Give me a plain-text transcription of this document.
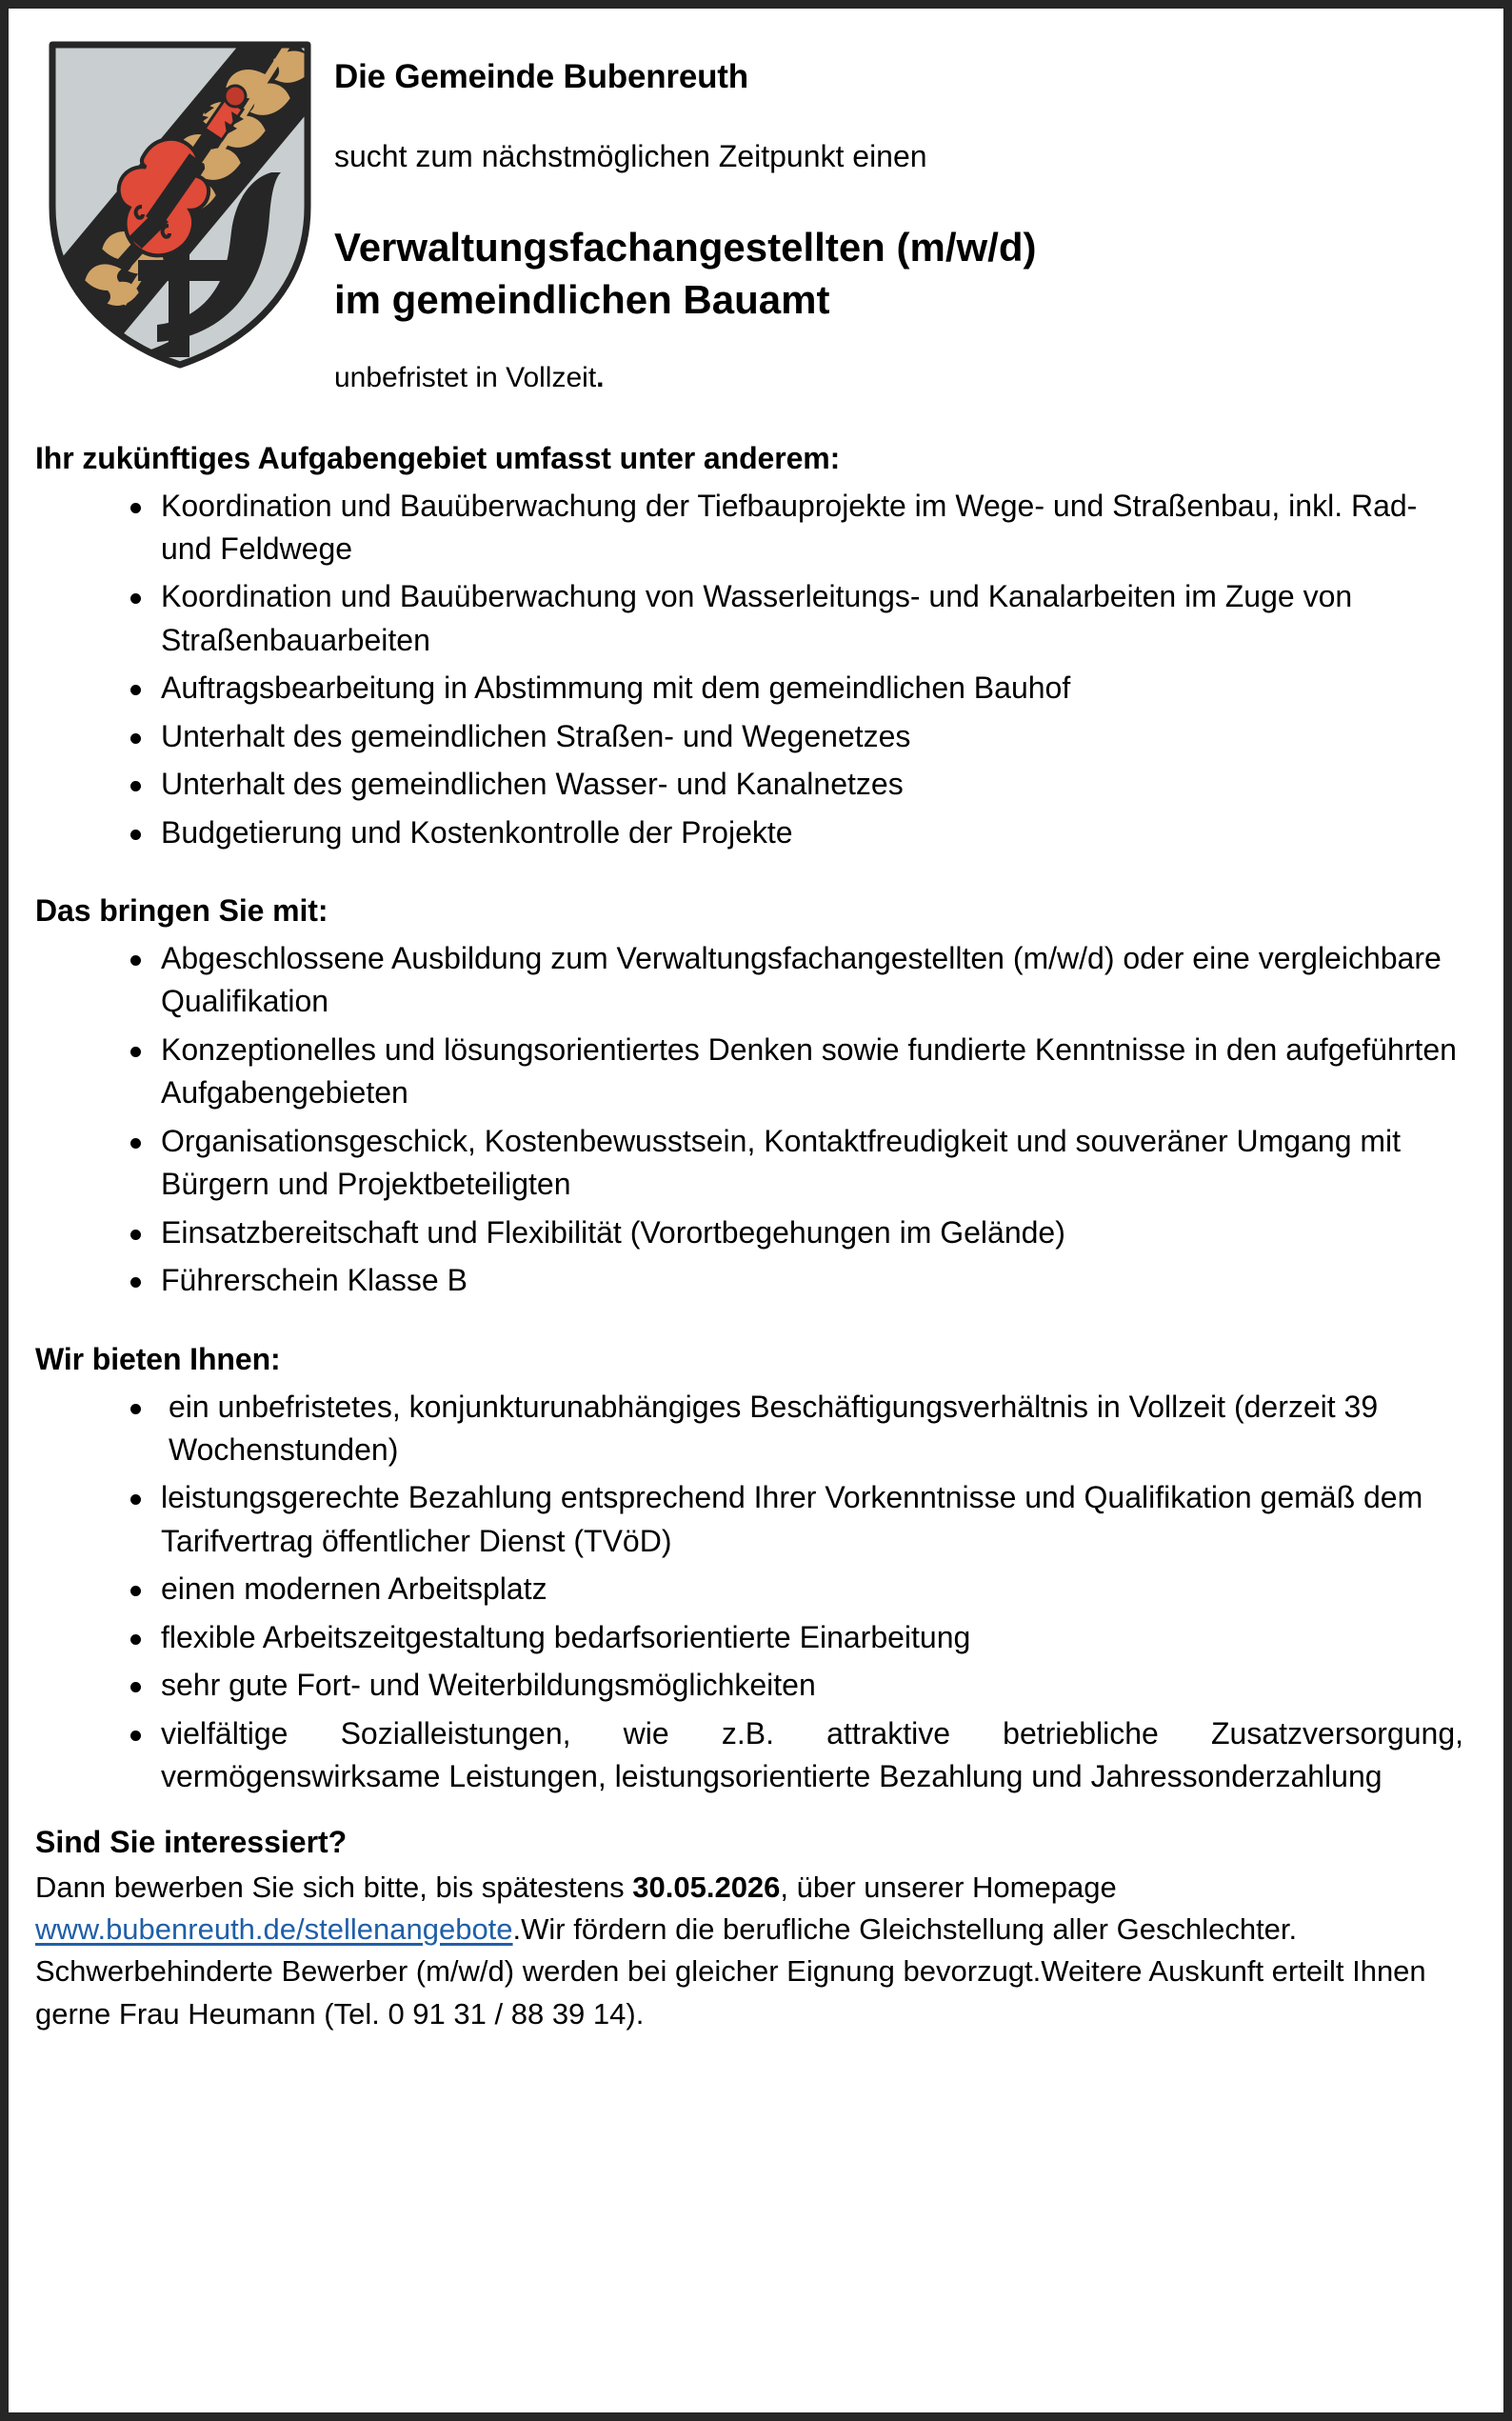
Die Gemeinde Bubenreuth
sucht zum nächstmöglichen Zeitpunkt einen
Verwaltungsfachangestellten (m/w/d)
im gemeindlichen Bauamt
unbefristet in Vollzeit.
Ihr zukünftiges Aufgabengebiet umfasst unter anderem:
Koordination und Bauüberwachung der Tiefbauprojekte im Wege- und Straßenbau, inkl. Rad- und Feldwege
Koordination und Bauüberwachung von Wasserleitungs- und Kanalarbeiten im Zuge von Straßenbauarbeiten
Auftragsbearbeitung in Abstimmung mit dem gemeindlichen Bauhof
Unterhalt des gemeindlichen Straßen- und Wegenetzes
Unterhalt des gemeindlichen Wasser- und Kanalnetzes
Budgetierung und Kostenkontrolle der Projekte
Das bringen Sie mit:
Abgeschlossene Ausbildung zum Verwaltungsfachangestellten (m/w/d) oder eine vergleichbare Qualifikation
Konzeptionelles und lösungsorientiertes Denken sowie fundierte Kenntnisse in den aufgeführten Aufgabengebieten
Organisationsgeschick, Kostenbewusstsein, Kontaktfreudigkeit und souveräner Umgang mit Bürgern und Projektbeteiligten
Einsatzbereitschaft und Flexibilität (Vorortbegehungen im Gelände)
Führerschein Klasse B
Wir bieten Ihnen:
ein unbefristetes, konjunkturunabhängiges Beschäftigungsverhältnis in Vollzeit (derzeit 39 Wochenstunden)
leistungsgerechte Bezahlung entsprechend Ihrer Vorkenntnisse und Qualifikation gemäß dem Tarifvertrag öffentlicher Dienst (TVöD)
einen modernen Arbeitsplatz
flexible Arbeitszeitgestaltung bedarfsorientierte Einarbeitung
sehr gute Fort- und Weiterbildungsmöglichkeiten
vielfältige Sozialleistungen, wie z.B. attraktive betriebliche Zusatzversorgung, vermögenswirksame Leistungen, leistungsorientierte Bezahlung und Jahressonderzahlung
Sind Sie interessiert?

Dann bewerben Sie sich bitte, bis spätestens 30.05.2026, über unserer Homepage
www.bubenreuth.de/stellenangebote.Wir fördern die berufliche Gleichstellung aller Geschlechter. Schwerbehinderte Bewerber (m/w/d) werden bei gleicher Eignung bevorzugt.Weitere Auskunft erteilt Ihnen gerne Frau Heumann (Tel. 0 91 31 / 88 39 14).
